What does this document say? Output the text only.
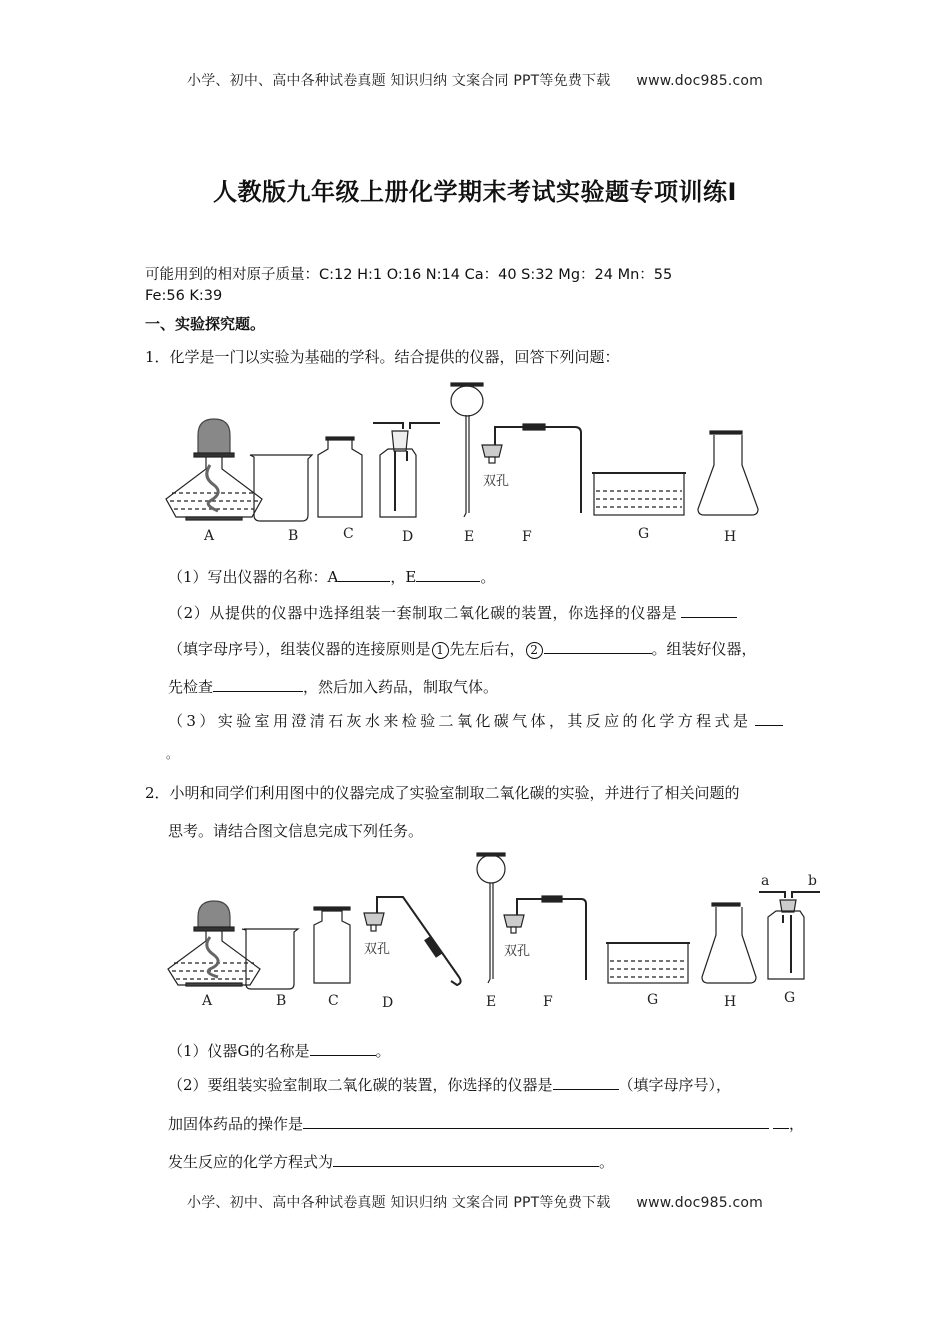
小学、初中、高中各种试卷真题 知识归纳 文案合同 PPT等免费下载 www.doc985.com
人教版九年级上册化学期末考试实验题专项训练Ⅰ
可能用到的相对原子质量：C:12 H:1 O:16 N:14 Ca：40 S:32 Mg：24 Mn：55
Fe:56 K:39
一、实验探究题。
1．化学是一门以实验为基础的学科。结合提供的仪器，回答下列问题：
A	B	C	D	E
双孔
F	G	H
（1）写出仪器的名称：A	，E	。
（2）从提供的仪器中选择组装一套制取二氧化碳的装置，你选择的仪器是
（填字母序号），组装仪器的连接原则是 1 先左后右， 2	。组装好仪器，
先检查	，然后加入药品，制取气体。
（3）实验室用澄清石灰水来检验二氧化碳气体，其反应的化学方程式是
。
2．小明和同学们利用图中的仪器完成了实验室制取二氧化碳的实验，并进行了相关问题的
思考。请结合图文信息完成下列任务。
A	B	C
双孔
D	E
双孔
F	G	H
a	b
G
（1）仪器G的名称是	。
（2）要组装实验室制取二氧化碳的装置，你选择的仪器是	（填字母序号），
加固体药品的操作是	，
发生反应的化学方程式为	。
小学、初中、高中各种试卷真题 知识归纳 文案合同 PPT等免费下载 www.doc985.com
